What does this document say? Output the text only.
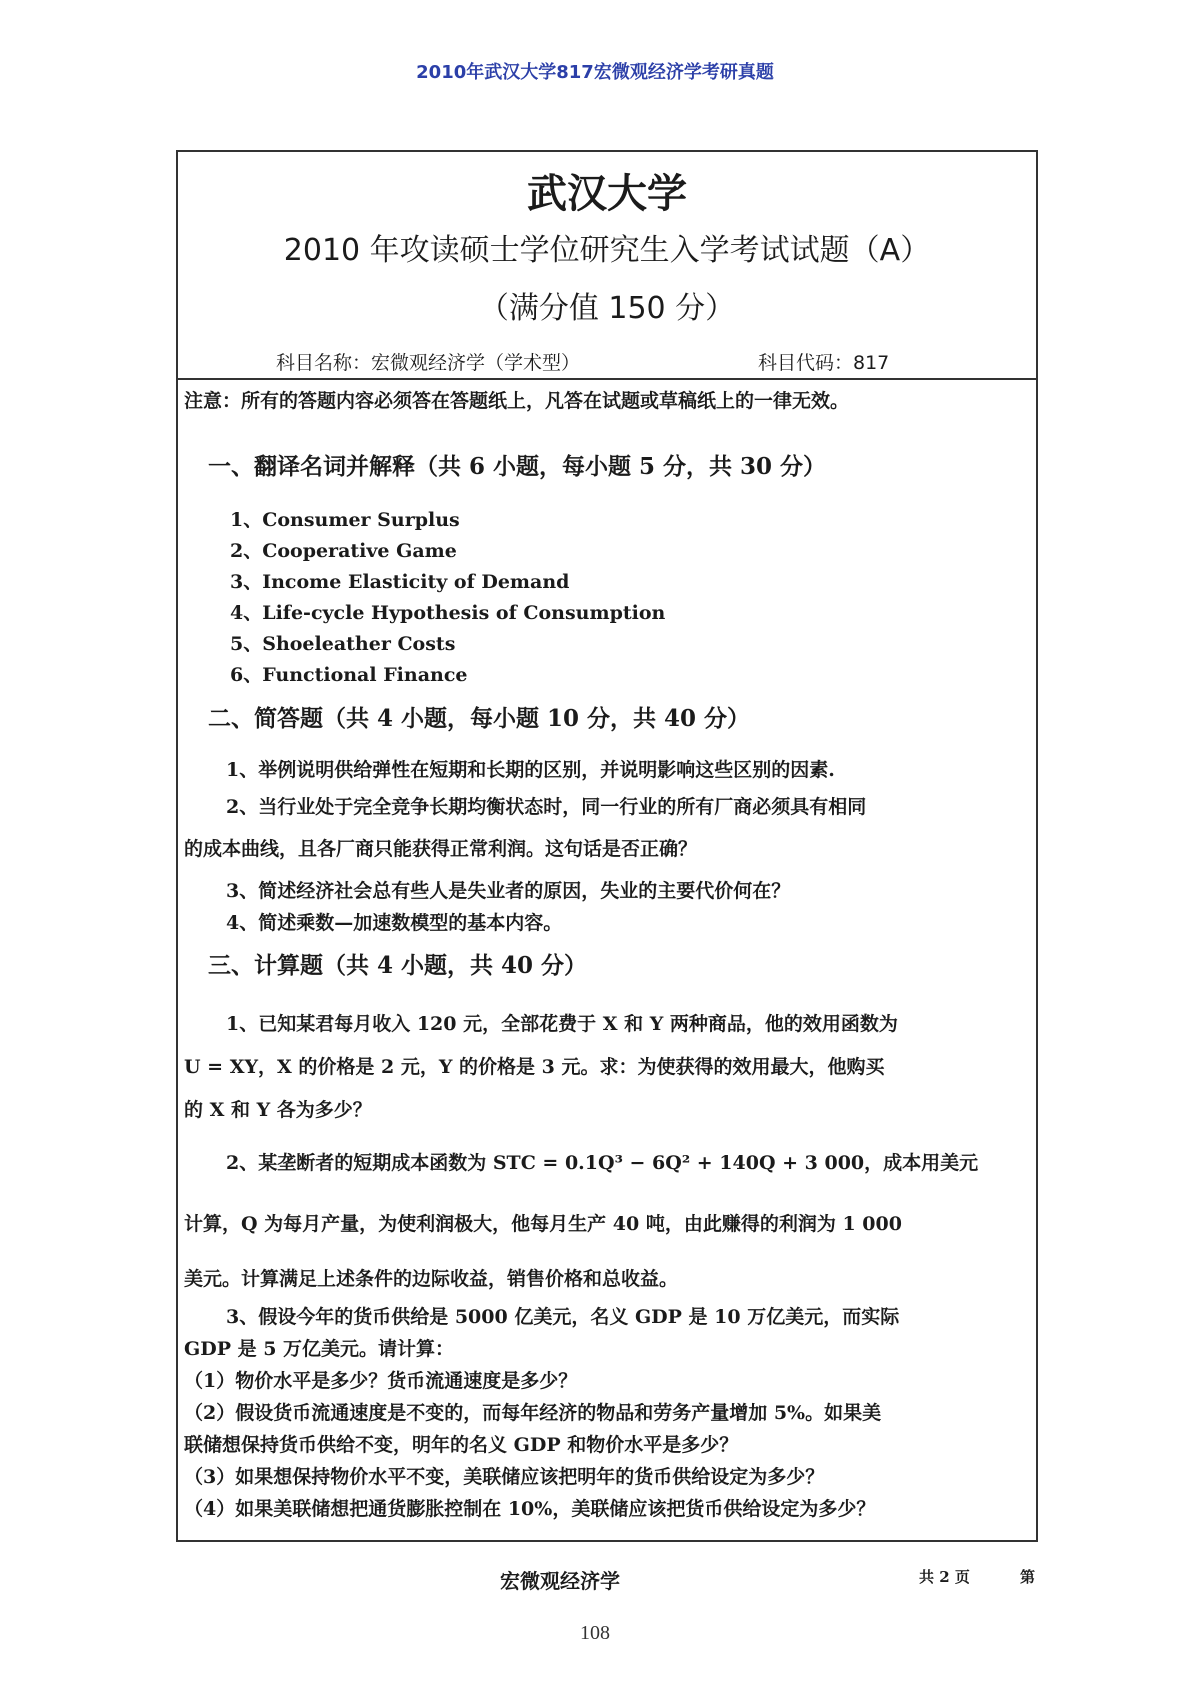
2010年武汉大学817宏微观经济学考研真题
武汉大学
2010 年攻读硕士学位研究生入学考试试题（A）
（满分值 150 分）
科目名称：宏微观经济学（学术型）	科目代码：817
注意：所有的答题内容必须答在答题纸上，凡答在试题或草稿纸上的一律无效。
一、翻译名词并解释（共 6 小题，每小题 5 分，共 30 分）
1、Consumer Surplus
2、Cooperative Game
3、Income Elasticity of Demand
4、Life-cycle Hypothesis of Consumption
5、Shoeleather Costs
6、Functional Finance
二、简答题（共 4 小题，每小题 10 分，共 40 分）
1、举例说明供给弹性在短期和长期的区别，并说明影响这些区别的因素.
2、当行业处于完全竞争长期均衡状态时，同一行业的所有厂商必须具有相同
的成本曲线，且各厂商只能获得正常利润。这句话是否正确？
3、简述经济社会总有些人是失业者的原因，失业的主要代价何在？
4、简述乘数—加速数模型的基本内容。
三、计算题（共 4 小题，共 40 分）
1、已知某君每月收入 120 元，全部花费于 X 和 Y 两种商品，他的效用函数为
U = XY，X 的价格是 2 元，Y 的价格是 3 元。求：为使获得的效用最大，他购买
的 X 和 Y 各为多少？
2、某垄断者的短期成本函数为 STC = 0.1Q³ − 6Q² + 140Q + 3 000，成本用美元
计算，Q 为每月产量，为使利润极大，他每月生产 40 吨，由此赚得的利润为 1 000
美元。计算满足上述条件的边际收益，销售价格和总收益。
3、假设今年的货币供给是 5000 亿美元，名义 GDP 是 10 万亿美元，而实际
GDP 是 5 万亿美元。请计算：
（1）物价水平是多少？货币流通速度是多少？
（2）假设货币流通速度是不变的，而每年经济的物品和劳务产量增加 5%。如果美
联储想保持货币供给不变，明年的名义 GDP 和物价水平是多少？
（3）如果想保持物价水平不变，美联储应该把明年的货币供给设定为多少？
（4）如果美联储想把通货膨胀控制在 10%，美联储应该把货币供给设定为多少？
宏微观经济学	共 2 页	第
108
